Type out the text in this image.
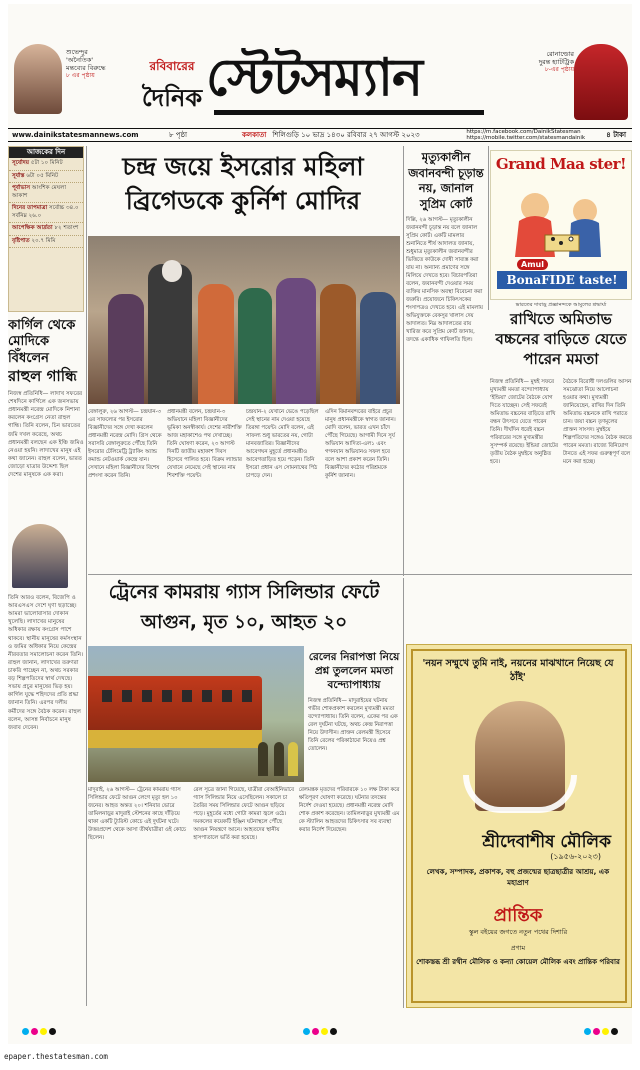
শুভেন্দুর
'অনৈতিক'
মন্তব্যের বিরুদ্ধে
৮ এর পৃষ্ঠায়
রবিবারের
দৈনিক স্টেটসম্যান	রোনাল্ডোর
দুরন্ত হ্যাটট্রিক
৮-এর পৃষ্ঠায়
www.dainikstatesmannews.com	৮ পৃষ্ঠা	কলকাতা শিলিগুড়ি ১০ ভাদ্র ১৪৩০ রবিবার ২৭ আগস্ট ২০২৩	https://m.facebook.com/DainikStatesman
https://mobile.twitter.com/statesmandainik	৪ টাকা
আজকের দিন
সূর্যোদয় ৫টা ১০ মিনিট
সূর্যাস্ত ৬টা ০৫ মিনিট
পূর্বাভাস আংশিক মেঘলা আকাশ
দিনের তাপমাত্রা সর্বোচ্চ ৩৪.০ সর্বনিম্ন ২৬.০
আপেক্ষিক আর্দ্রতা ৮২ শতাংশ
বৃষ্টিপাত ২০.৭ মিমি
কার্গিল থেকে মোদিকে বিঁধলেন
রাহুল গান্ধি
নিজস্ব প্রতিনিধি— লাদাখ সফরের শেষদিনে কার্গিলে এক জনসভায় প্রধানমন্ত্রী নরেন্দ্র মোদিকে নিশানা করলেন কংগ্রেস নেতা রাহুল গান্ধি। তিনি বলেন, চিন ভারতের জমি দখল করেছে, অথচ প্রধানমন্ত্রী বলছেন এক ইঞ্চি জমিও নেওয়া হয়নি। লাদাখের মানুষ এই কথা জানেন। রাহুল বলেন, ভারত জোড়ো যাত্রার উদ্দেশ্য ছিল দেশের মানুষকে এক করা।
তিনি আরও বলেন, বিজেপি ও আরএসএস দেশে ঘৃণা ছড়াচ্ছে। আমরা ভালোবাসার দোকান খুলেছি। লাদাখের মানুষের অধিকার রক্ষায় কংগ্রেস পাশে থাকবে। স্থানীয় মানুষের কর্মসংস্থান ও জমির অধিকার নিয়ে কেন্দ্রের নীরবতার সমালোচনা করেন তিনি। রাহুল জানান, লাদাখের তরুণরা চাকরি পাচ্ছেন না, অথচ সরকার বড় শিল্পপতিদের স্বার্থ দেখছে। সভায় প্রচুর মানুষের ভিড় হয়। কার্গিল যুদ্ধে শহিদদের প্রতি শ্রদ্ধা জানান তিনি। এরপর দলীয় কর্মীদের সঙ্গে বৈঠক করেন। রাহুল বলেন, আসন্ন নির্বাচনে মানুষ জবাব দেবেন।
চন্দ্র জয়ে ইসরোর মহিলা ব্রিগেডকে কুর্নিশ মোদির
বেঙ্গালুরু, ২৬ আগস্ট— চন্দ্রযান-৩ এর সাফল্যের পর ইসরোর বিজ্ঞানীদের সঙ্গে দেখা করলেন প্রধানমন্ত্রী নরেন্দ্র মোদি। গ্রিস থেকে সরাসরি বেঙ্গালুরুতে পৌঁছে তিনি ইসরোর টেলিমেট্রি ট্র্যাকিং অ্যান্ড কমান্ড নেটওয়ার্ক কেন্দ্রে যান। সেখানে মহিলা বিজ্ঞানীদের বিশেষ প্রশংসা করেন তিনি।
প্রধানমন্ত্রী বলেন, চন্দ্রযান-৩ অভিযানে মহিলা বিজ্ঞানীদের ভূমিকা অনস্বীকার্য। দেশের নারীশক্তি আজ মহাকাশেও পথ দেখাচ্ছে। তিনি ঘোষণা করেন, ২৩ আগস্ট দিনটি জাতীয় মহাকাশ দিবস হিসেবে পালিত হবে। বিক্রম ল্যান্ডার যেখানে নেমেছে সেই স্থানের নাম শিবশক্তি পয়েন্ট।
চন্দ্রযান-২ যেখানে ভেঙে পড়েছিল সেই স্থানের নাম দেওয়া হয়েছে তিরঙ্গা পয়েন্ট। মোদি বলেন, এই সাফল্য শুধু ভারতের নয়, গোটা মানবজাতির। বিজ্ঞানীদের আবেগঘন মুহূর্তে প্রধানমন্ত্রীও আবেগতাড়িত হয়ে পড়েন। তিনি ইসরো প্রধান এস সোমনাথের পিঠ চাপড়ে দেন।
এদিন বিমানবন্দরের বাইরে প্রচুর মানুষ প্রধানমন্ত্রীকে স্বাগত জানান। মোদি বলেন, ভারত এখন চাঁদে পৌঁছে গিয়েছে। আগামী দিনে সূর্য অভিযান আদিত্য-এল১ এবং গগনযান অভিযানও সফল হবে বলে আশা প্রকাশ করেন তিনি। বিজ্ঞানীদের কঠোর পরিশ্রমকে কুর্নিশ জানান।
মৃত্যুকালীন জবানবন্দী চূড়ান্ত নয়, জানাল সুপ্রিম কোর্ট
দিল্লি, ২৬ আগস্ট— মৃত্যুকালীন জবানবন্দী চূড়ান্ত নয় বলে জানাল সুপ্রিম কোর্ট। একটি মামলার শুনানিতে শীর্ষ আদালত জানায়, শুধুমাত্র মৃত্যুকালীন জবানবন্দীর ভিত্তিতে কাউকে দোষী সাব্যস্ত করা যায় না। অন্যান্য প্রমাণের সঙ্গে মিলিয়ে দেখতে হবে। বিচারপতিরা বলেন, জবানবন্দী দেওয়ার সময় ব্যক্তির মানসিক অবস্থা বিবেচনা করা জরুরি। প্রয়োজনে চিকিৎসকের শংসাপত্রও দেখতে হবে। এই মামলায় অভিযুক্তকে বেকসুর খালাস দেয় আদালত। নিম্ন আদালতের রায় খারিজ করে সুপ্রিম কোর্ট জানায়, তদন্তে একাধিক গাফিলতি ছিল।
Grand Maa ster!
Amul
BonaFIDE taste!
ভারতের দাবাড়ু প্রজ্ঞানন্দকে আমুলের শ্রদ্ধার্ঘ্য
রাখিতে অমিতাভ বচ্চনের বাড়িতে যেতে পারেন মমতা
নিজস্ব প্রতিনিধি— মুম্বই সফরে মুখ্যমন্ত্রী মমতা বন্দ্যোপাধ্যায় 'ইন্ডিয়া' জোটের বৈঠকে যোগ দিতে যাচ্ছেন। সেই সফরেই অমিতাভ বচ্চনের বাড়িতে রাখি বন্ধন উৎসবে যেতে পারেন তিনি। দীর্ঘদিন ধরেই বচ্চন পরিবারের সঙ্গে মুখ্যমন্ত্রীর সুসম্পর্ক রয়েছে। ইন্ডিয়া জোটের তৃতীয় বৈঠক মুম্বইয়ে অনুষ্ঠিত হবে।
বৈঠকে বিরোধী দলগুলির আসন সমঝোতা নিয়ে আলোচনা হওয়ার কথা। মুখ্যমন্ত্রী জানিয়েছেন, রাখির দিন তিনি অমিতাভ বচ্চনকে রাখি পরাতে চান। জয়া বচ্চন তৃণমূলের প্রাক্তন সাংসদ। মুম্বইয়ে শিল্পপতিদের সঙ্গেও বৈঠক করতে পারেন মমতা। রাজ্যে বিনিয়োগ টানতে এই সফর গুরুত্বপূর্ণ বলে মনে করা হচ্ছে।
ট্রেনের কামরায় গ্যাস সিলিন্ডার ফেটে আগুন, মৃত ১০, আহত ২০
রেলের নিরাপত্তা নিয়ে প্রশ্ন তুললেন মমতা বন্দ্যোপাধ্যায়
নিজস্ব প্রতিনিধি— মাদুরাইয়ের ঘটনায় গভীর শোকপ্রকাশ করলেন মুখ্যমন্ত্রী মমতা বন্দ্যোপাধ্যায়। তিনি বলেন, একের পর এক রেল দুর্ঘটনা ঘটছে, অথচ কেন্দ্র নিরাপত্তা নিয়ে উদাসীন। প্রাক্তন রেলমন্ত্রী হিসেবে তিনি রেলের পরিকাঠামো নিয়েও প্রশ্ন তোলেন।
মাদুরাই, ২৬ আগস্ট— ট্রেনের কামরায় গ্যাস সিলিন্ডার ফেটে আগুন লেগে মৃত্যু হল ১০ জনের। আহত অন্তত ২০। শনিবার ভোরে তামিলনাড়ুর মাদুরাই স্টেশনের কাছে দাঁড়িয়ে থাকা একটি ট্যুরিস্ট কোচে এই দুর্ঘটনা ঘটে। উত্তরপ্রদেশ থেকে আসা তীর্থযাত্রীরা ওই কোচে ছিলেন।
রেল সূত্রে জানা গিয়েছে, যাত্রীরা বেআইনিভাবে গ্যাস সিলিন্ডার নিয়ে এসেছিলেন। সকালে চা তৈরির সময় সিলিন্ডার ফেটে আগুন ছড়িয়ে পড়ে। মুহূর্তের মধ্যে গোটা কামরা জ্বলে ওঠে। দমকলের কয়েকটি ইঞ্জিন ঘটনাস্থলে পৌঁছে আগুন নিয়ন্ত্রণে আনে। আহতদের স্থানীয় হাসপাতালে ভর্তি করা হয়েছে।
রেলমন্ত্রক মৃতদের পরিবারকে ১০ লক্ষ টাকা করে ক্ষতিপূরণ ঘোষণা করেছে। ঘটনার তদন্তের নির্দেশ দেওয়া হয়েছে। প্রধানমন্ত্রী নরেন্দ্র মোদি শোক প্রকাশ করেছেন। তামিলনাড়ুর মুখ্যমন্ত্রী এম কে স্ট্যালিন আহতদের চিকিৎসার সব ব্যবস্থা করার নির্দেশ দিয়েছেন।
'নয়ন সম্মুখে তুমি নাই, নয়নের মাঝখানে নিয়েছ যে ঠাঁই'
শ্রীদেবাশীষ মৌলিক
(১৯৫৬-২০২৩)
লেখক, সম্পাদক, প্রকাশক, বহু প্রজন্মের ছাত্রছাত্রীর আশ্রয়, এক মহাপ্রাণ
প্রান্তিক
স্কুল বইয়ের জগতে নতুন পথের দিশারি
প্রণাম
শোকস্তব্ধ শ্রী রথীন মৌলিক ও কন্যা কোয়েল মৌলিক এবং প্রান্তিক পরিবার
epaper.thestatesman.com
